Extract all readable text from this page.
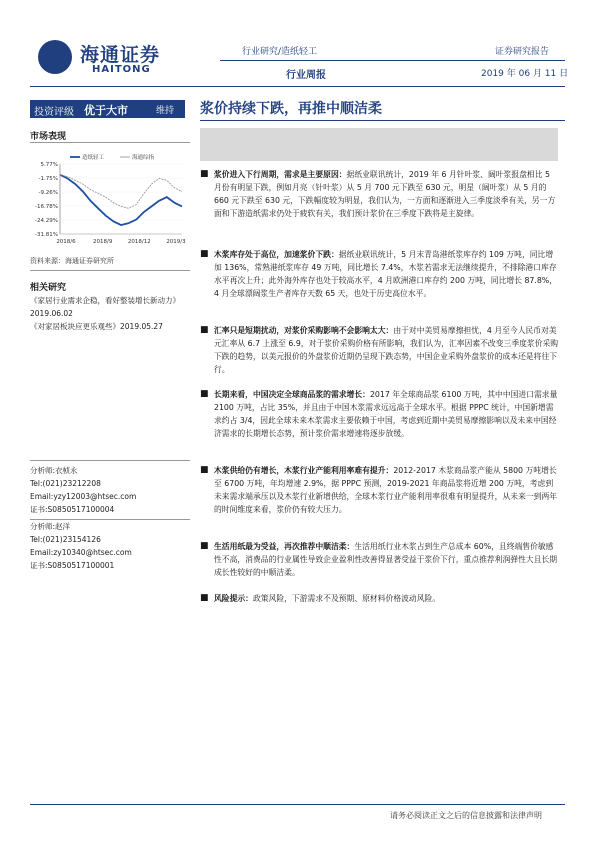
海通证券
HAITONG
行业研究/造纸轻工
行业周报
证券研究报告
2019 年 06 月 11 日
投资评级 优于大市	维持 浆价持续下跌，再推中顺洁柔
市场表现
5.77%
-1.75%
-9.26%
-16.78%
-24.29%
-31.81%
2018/6	2018/9	2018/12	2019/3
造纸轻工	海通综指
资料来源：海通证券研究所
相关研究
《家居行业需求企稳，看好整装增长新动力》2019.06.02
《对家居板块应更乐观些》2019.05.27
分析师:衣桢永
Tel:(021)23212208
Email:yzy12003@htsec.com
证书:S0850517100004
分析师:赵洋
Tel:(021)23154126
Email:zy10340@htsec.com
证书:S0850517100001
■ 浆价进入下行周期，需求是主要原因：据纸业联讯统计，2019 年 6 月针叶浆、阔叶浆报盘相比 5 月份有明显下跌，例如月亮（针叶浆）从 5 月 700 元下跌至 630 元，明星（阔叶浆）从 5 月的 660 元下跌至 630 元，下跌幅度较为明显，我们认为，一方面和逐渐进入三季度淡季有关，另一方面和下游造纸需求仍处于疲软有关，我们预计浆价在三季度下跌将是主旋律。
■ 木浆库存处于高位，加速浆价下跌：据纸业联讯统计，5 月末青岛港纸浆库存约 109 万吨，同比增加 136%，常熟港纸浆库存 49 万吨，同比增长 7.4%，木浆若需求无法继续提升，不排除港口库存水平再次上升；此外海外库存也处于较高水平，4 月欧洲港口库存约 200 万吨，同比增长 87.8%，4 月全球漂阔浆生产者库存天数 65 天，也处于历史高位水平。
■ 汇率只是短期扰动，对浆价采购影响不会影响太大：由于对中美贸易摩擦担忧，4 月至今人民币对美元汇率从 6.7 上涨至 6.9，对于浆价采购价格有所影响，我们认为，汇率因素不改变三季度浆价采购下跌的趋势，以美元报价的外盘浆价近期仍呈现下跌态势，中国企业采购外盘浆价的成本还是将往下行。
■ 长期来看，中国决定全球商品浆的需求增长：2017 年全球商品浆 6100 万吨，其中中国进口需求量 2100 万吨，占比 35%，并且由于中国木浆需求远远高于全球水平。根据 PPPC 统计，中国新增需求约占 3/4，因此全球未来木浆需求主要依赖于中国，考虑到近期中美贸易摩擦影响以及未来中国经济需求的长期增长态势，预计浆价需求增速将逐步放缓。
■ 木浆供给仍有增长，木浆行业产能利用率难有提升：2012-2017 木浆商品浆产能从 5800 万吨增长至 6700 万吨，年均增速 2.9%，据 PPPC 预测，2019-2021 年商品浆将近增 200 万吨，考虑到未来需求端承压以及木浆行业新增供给，全球木浆行业产能利用率很难有明显提升，从未来一到两年的时间维度来看，浆价仍有较大压力。
■ 生活用纸最为受益，再次推荐中顺洁柔：生活用纸行业木浆占到生产总成本 60%，且终端售价敏感性不高，消费品的行业属性导致企业盈利性改善得显著受益于浆价下行，重点推荐利润弹性大且长期成长性较好的中顺洁柔。
■ 风险提示：政策风险，下游需求不及预期、原材料价格波动风险。
请务必阅读正文之后的信息披露和法律声明
